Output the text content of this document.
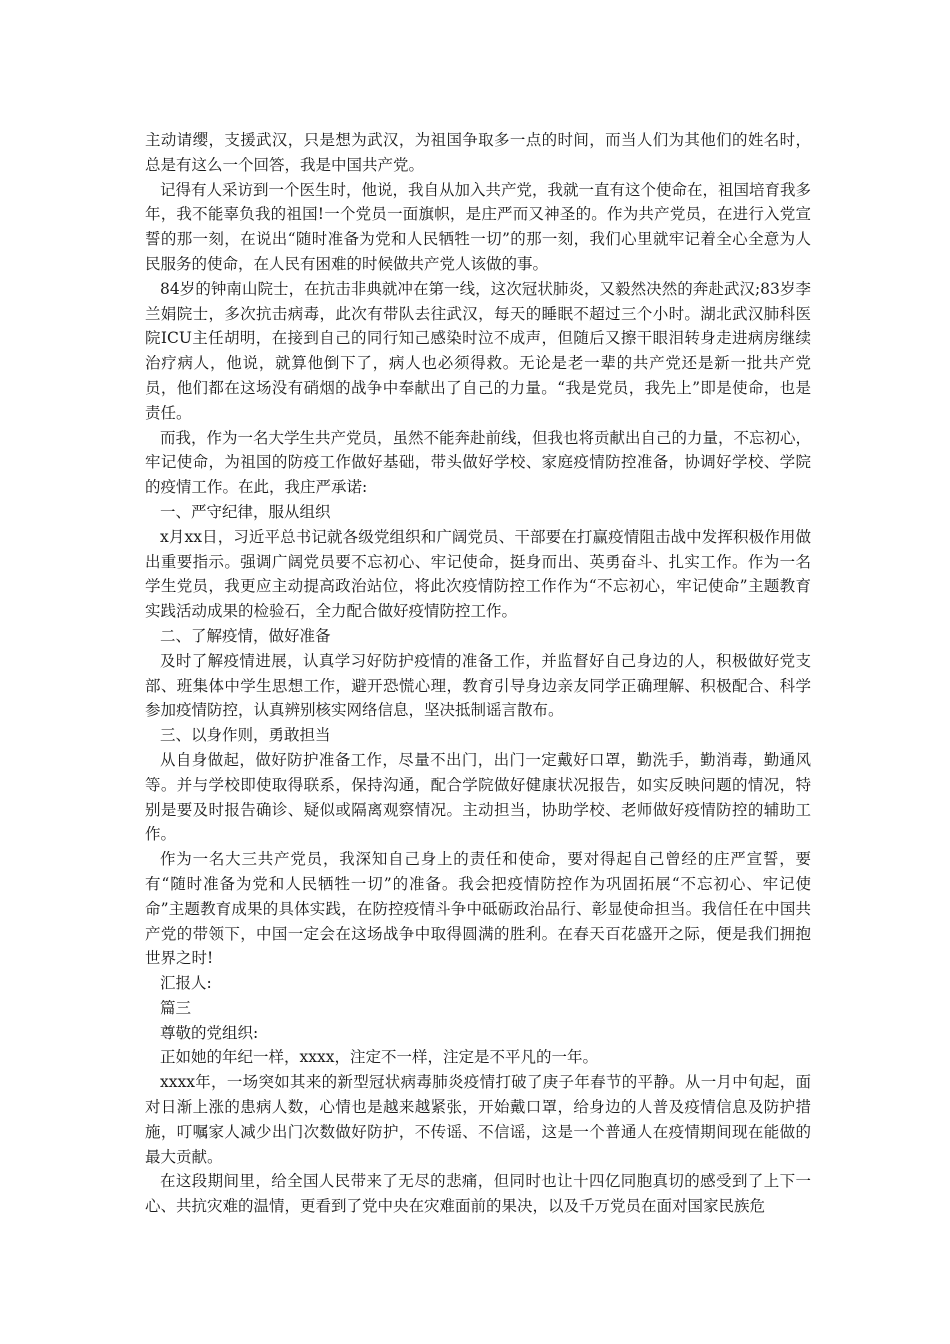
主动请缨，支援武汉，只是想为武汉，为祖国争取多一点的时间，而当人们为其他们的姓名时，总是有这么一个回答，我是中国共产党。

记得有人采访到一个医生时，他说，我自从加入共产党，我就一直有这个使命在，祖国培育我多年，我不能辜负我的祖国!一个党员一面旗帜，是庄严而又神圣的。作为共产党员，在进行入党宣誓的那一刻，在说出“随时准备为党和人民牺牲一切”的那一刻，我们心里就牢记着全心全意为人民服务的使命，在人民有困难的时候做共产党人该做的事。

84岁的钟南山院士，在抗击非典就冲在第一线，这次冠状肺炎，又毅然决然的奔赴武汉;83岁李兰娟院士，多次抗击病毒，此次有带队去往武汉，每天的睡眠不超过三个小时。湖北武汉肺科医院ICU主任胡明，在接到自己的同行知己感染时泣不成声，但随后又擦干眼泪转身走进病房继续治疗病人，他说，就算他倒下了，病人也必须得救。无论是老一辈的共产党还是新一批共产党员，他们都在这场没有硝烟的战争中奉献出了自己的力量。“我是党员，我先上”即是使命，也是责任。

而我，作为一名大学生共产党员，虽然不能奔赴前线，但我也将贡献出自己的力量，不忘初心，牢记使命，为祖国的防疫工作做好基础，带头做好学校、家庭疫情防控准备，协调好学校、学院的疫情工作。在此，我庄严承诺:

一、严守纪律，服从组织

x月xx日，习近平总书记就各级党组织和广阔党员、干部要在打赢疫情阻击战中发挥积极作用做出重要指示。强调广阔党员要不忘初心、牢记使命，挺身而出、英勇奋斗、扎实工作。作为一名学生党员，我更应主动提高政治站位，将此次疫情防控工作作为“不忘初心，牢记使命”主题教育实践活动成果的检验石，全力配合做好疫情防控工作。

二、了解疫情，做好准备

及时了解疫情进展，认真学习好防护疫情的准备工作，并监督好自己身边的人，积极做好党支部、班集体中学生思想工作，避开恐慌心理，教育引导身边亲友同学正确理解、积极配合、科学参加疫情防控，认真辨别核实网络信息，坚决抵制谣言散布。

三、以身作则，勇敢担当

从自身做起，做好防护准备工作，尽量不出门，出门一定戴好口罩，勤洗手，勤消毒，勤通风等。并与学校即使取得联系，保持沟通，配合学院做好健康状况报告，如实反映问题的情况，特别是要及时报告确诊、疑似或隔离观察情况。主动担当，协助学校、老师做好疫情防控的辅助工作。

作为一名大三共产党员，我深知自己身上的责任和使命，要对得起自己曾经的庄严宣誓，要有“随时准备为党和人民牺牲一切”的准备。我会把疫情防控作为巩固拓展“不忘初心、牢记使命”主题教育成果的具体实践，在防控疫情斗争中砥砺政治品行、彰显使命担当。我信任在中国共产党的带领下，中国一定会在这场战争中取得圆满的胜利。在春天百花盛开之际，便是我们拥抱世界之时!

汇报人:

篇三

尊敬的党组织:

正如她的年纪一样，xxxx，注定不一样，注定是不平凡的一年。

xxxx年，一场突如其来的新型冠状病毒肺炎疫情打破了庚子年春节的平静。从一月中旬起，面对日渐上涨的患病人数，心情也是越来越紧张，开始戴口罩，给身边的人普及疫情信息及防护措施，叮嘱家人减少出门次数做好防护，不传谣、不信谣，这是一个普通人在疫情期间现在能做的最大贡献。

在这段期间里，给全国人民带来了无尽的悲痛，但同时也让十四亿同胞真切的感受到了上下一心、共抗灾难的温情，更看到了党中央在灾难面前的果决，以及千万党员在面对国家民族危
